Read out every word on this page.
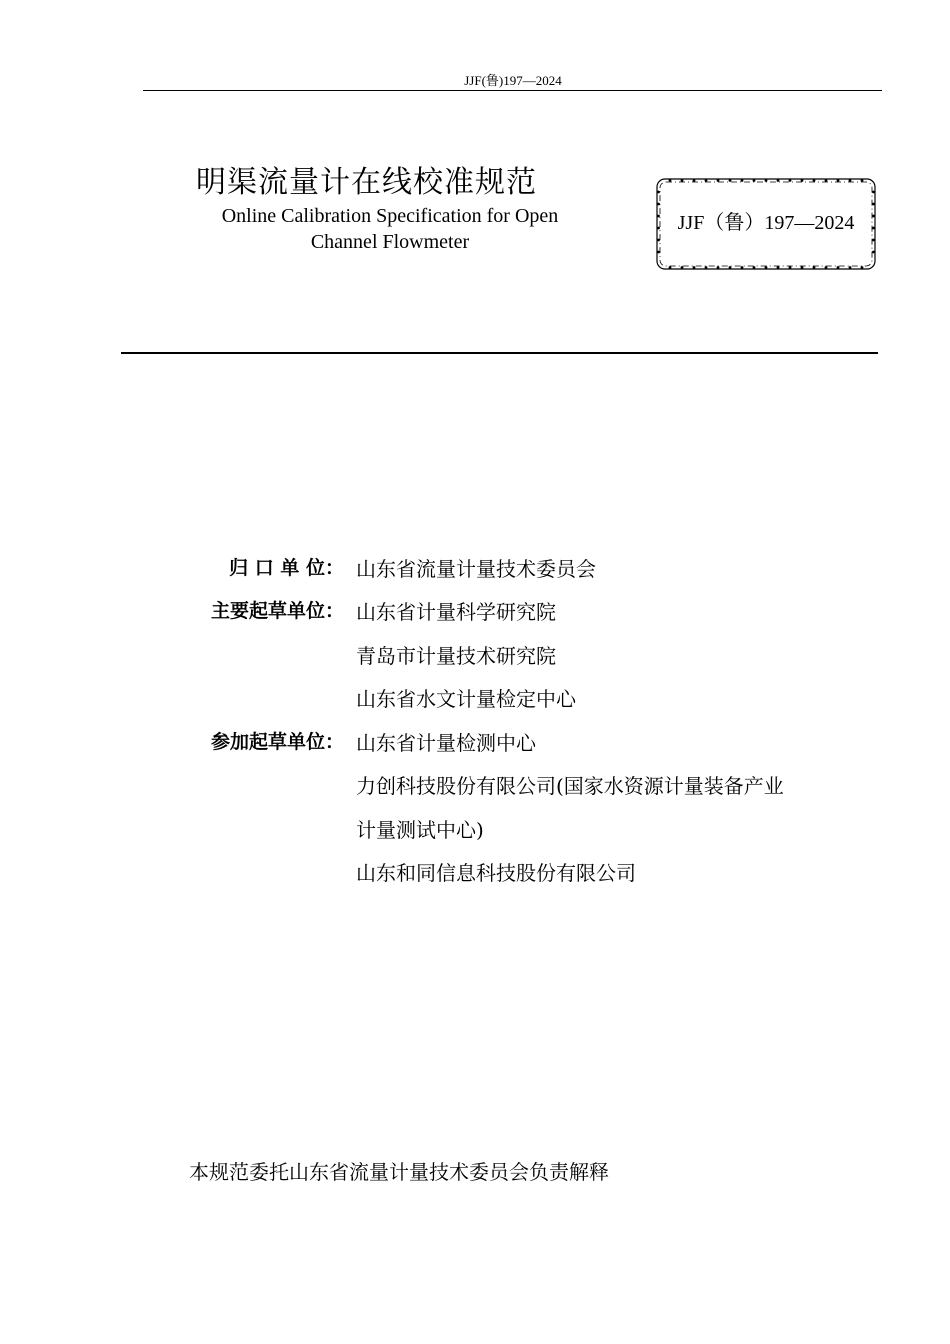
JJF(鲁)197—2024
明渠流量计在线校准规范
Online Calibration Specification for Open
Channel Flowmeter
JJF（鲁）197—2024
归 口 单 位： 山东省流量计量技术委员会
主要起草单位： 山东省计量科学研究院
青岛市计量技术研究院
山东省水文计量检定中心
参加起草单位： 山东省计量检测中心
力创科技股份有限公司(国家水资源计量装备产业
计量测试中心)
山东和同信息科技股份有限公司
本规范委托山东省流量计量技术委员会负责解释
